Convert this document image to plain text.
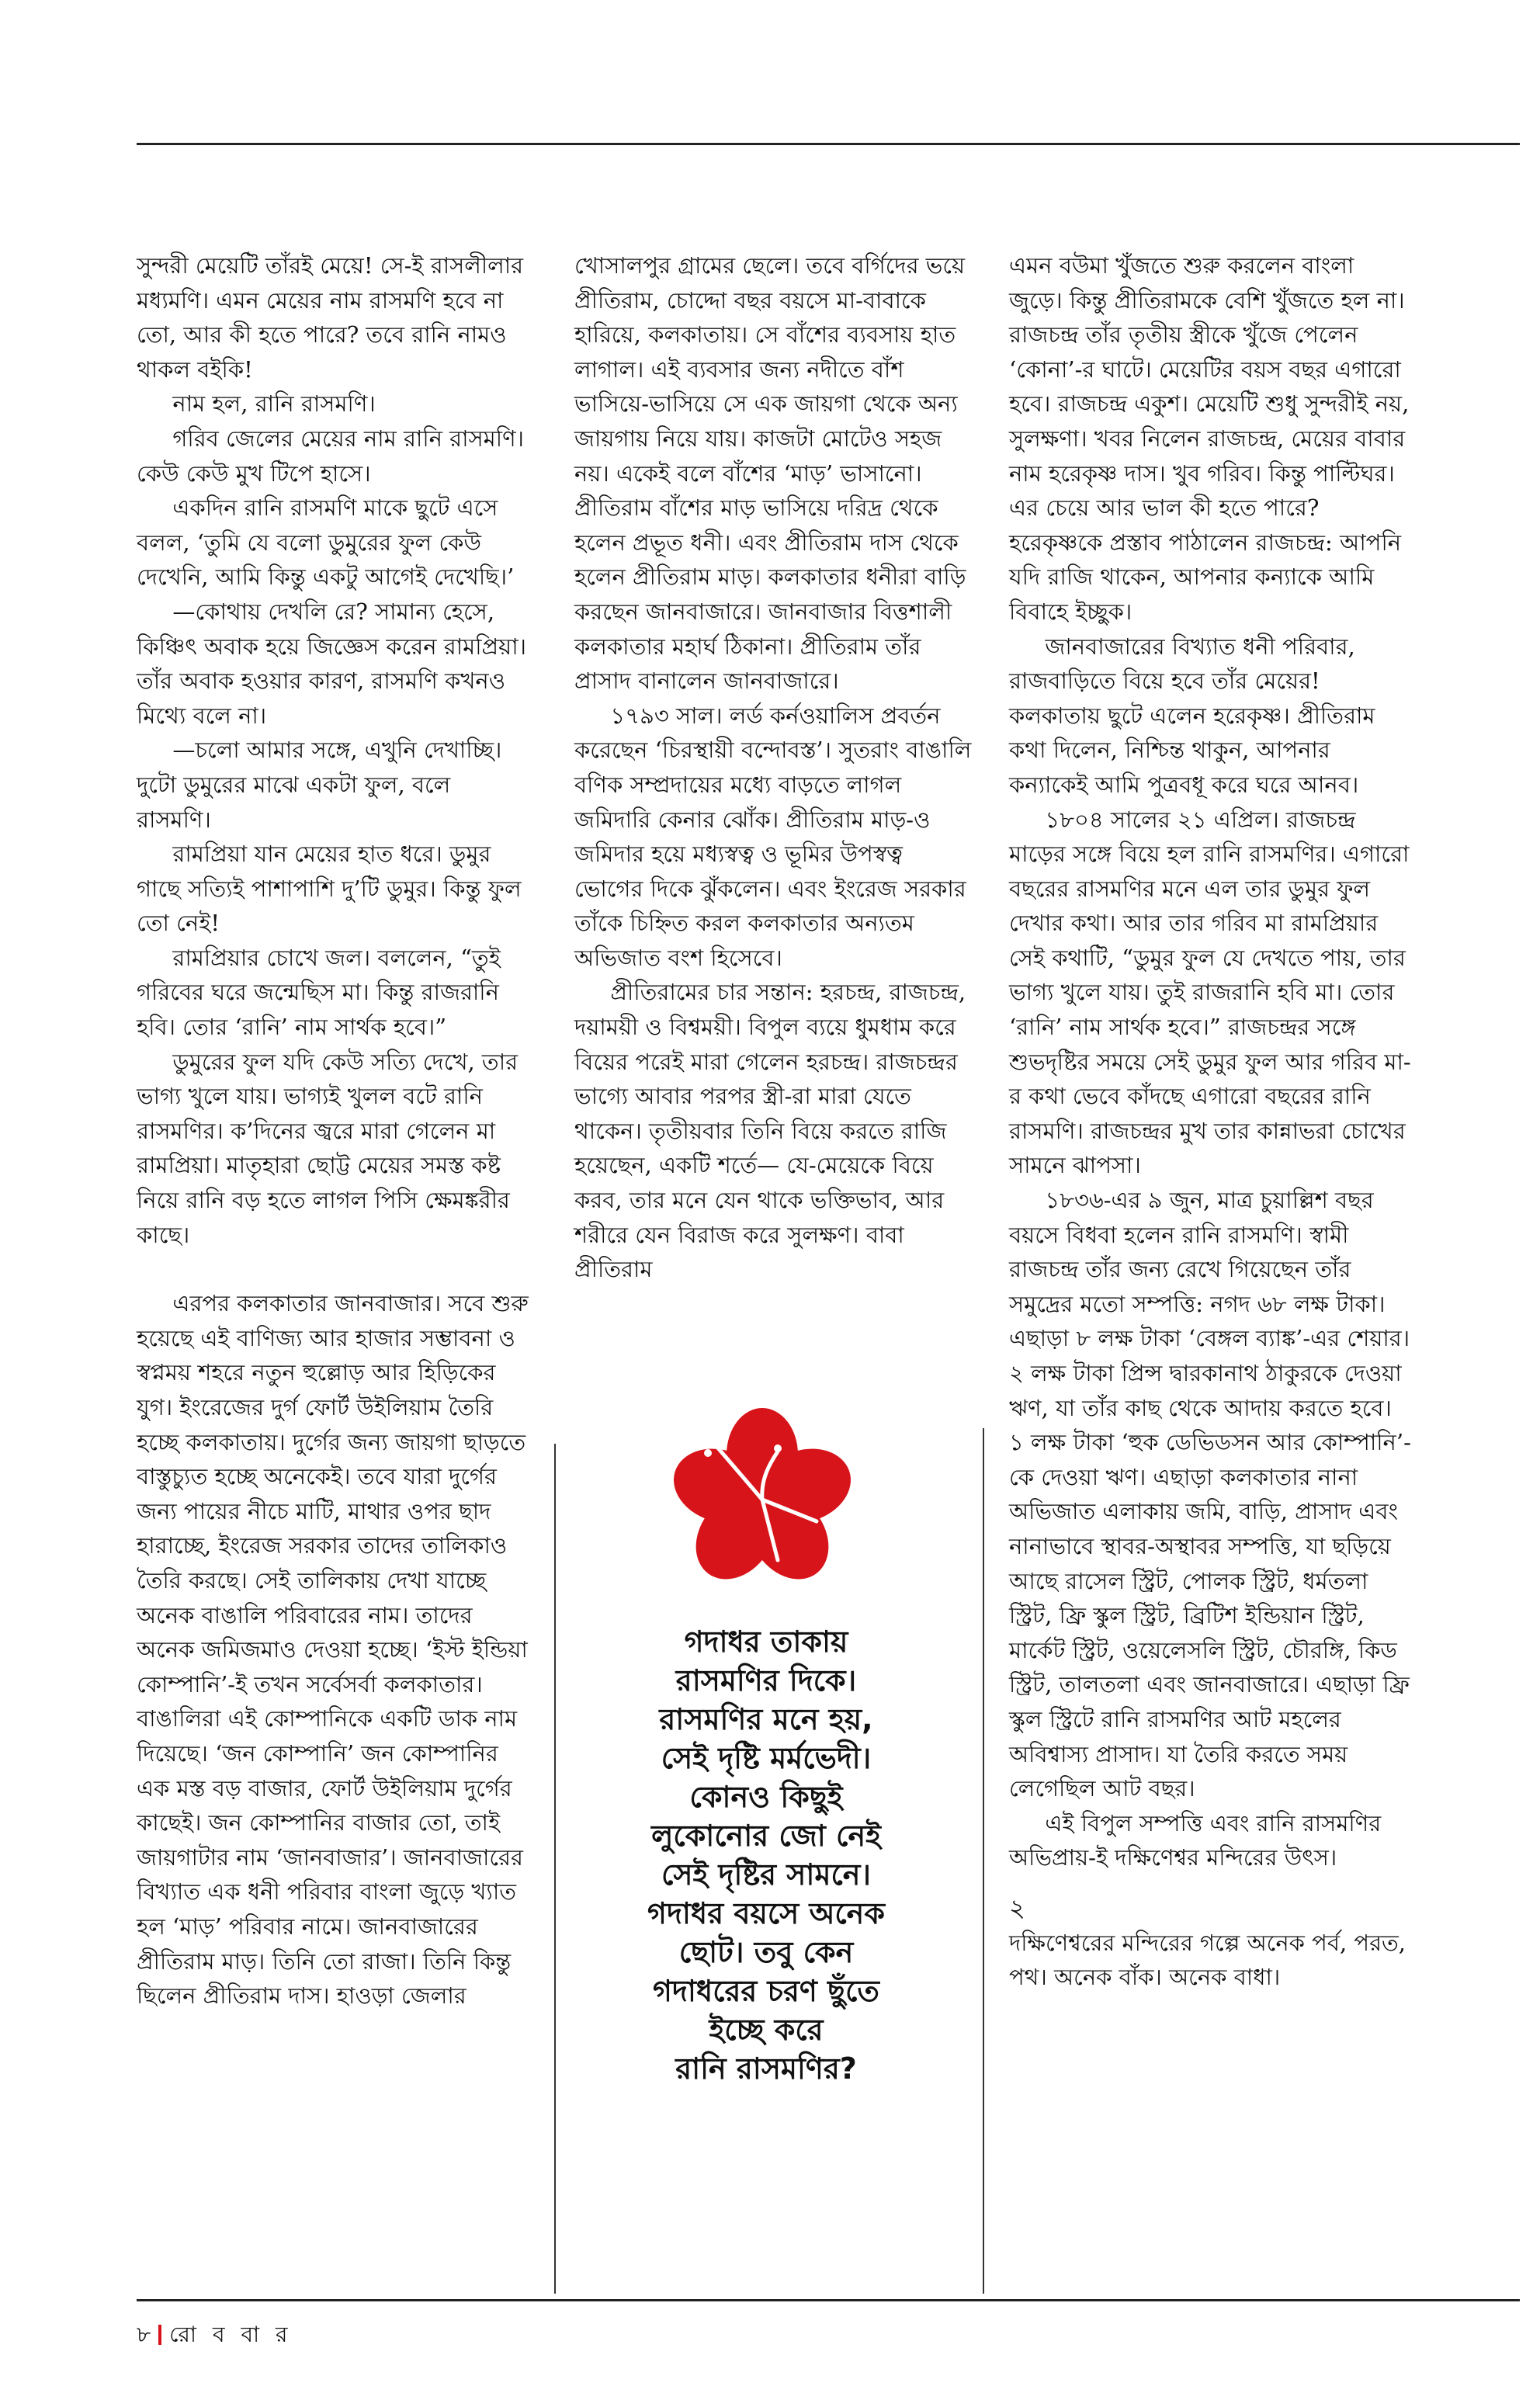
সুন্দরী মেয়েটি তাঁরই মেয়ে! সে-ই রাসলীলার মধ্যমণি। এমন মেয়ের নাম রাসমণি হবে না তো, আর কী হতে পারে? তবে রানি নামও থাকল বইকি!

নাম হল, রানি রাসমণি।

গরিব জেলের মেয়ের নাম রানি রাসমণি। কেউ কেউ মুখ টিপে হাসে।

একদিন রানি রাসমণি মাকে ছুটে এসে বলল, ‘তুমি যে বলো ডুমুরের ফুল কেউ দেখেনি, আমি কিন্তু একটু আগেই দেখেছি।’

—কোথায় দেখলি রে? সামান্য হেসে, কিঞ্চিৎ অবাক হয়ে জিজ্ঞেস করেন রামপ্রিয়া। তাঁর অবাক হওয়ার কারণ, রাসমণি কখনও মিথ্যে বলে না।

—চলো আমার সঙ্গে, এখুনি দেখাচ্ছি। দুটো ডুমুরের মাঝে একটা ফুল, বলে রাসমণি।

রামপ্রিয়া যান মেয়ের হাত ধরে। ডুমুর গাছে সত্যিই পাশাপাশি দু’টি ডুমুর। কিন্তু ফুল তো নেই!

রামপ্রিয়ার চোখে জল। বললেন, “তুই গরিবের ঘরে জন্মেছিস মা। কিন্তু রাজরানি হবি। তোর ‘রানি’ নাম সার্থক হবে।”

ডুমুরের ফুল যদি কেউ সত্যি দেখে, তার ভাগ্য খুলে যায়। ভাগ্যই খুলল বটে রানি রাসমণির। ক’দিনের জ্বরে মারা গেলেন মা রামপ্রিয়া। মাতৃহারা ছোট্ট মেয়ের সমস্ত কষ্ট নিয়ে রানি বড় হতে লাগল পিসি ক্ষেমঙ্করীর কাছে।

এরপর কলকাতার জানবাজার। সবে শুরু হয়েছে এই বাণিজ্য আর হাজার সম্ভাবনা ও স্বপ্নময় শহরে নতুন হুল্লোড় আর হিড়িকের যুগ। ইংরেজের দুর্গ ফোর্ট উইলিয়াম তৈরি হচ্ছে কলকাতায়। দুর্গের জন্য জায়গা ছাড়তে বাস্তুচ্যুত হচ্ছে অনেকেই। তবে যারা দুর্গের জন্য পায়ের নীচে মাটি, মাথার ওপর ছাদ হারাচ্ছে, ইংরেজ সরকার তাদের তালিকাও তৈরি করছে। সেই তালিকায় দেখা যাচ্ছে অনেক বাঙালি পরিবারের নাম। তাদের অনেক জমিজমাও দেওয়া হচ্ছে। ‘ইস্ট ইন্ডিয়া কোম্পানি’-ই তখন সর্বেসর্বা কলকাতার। বাঙালিরা এই কোম্পানিকে একটি ডাক নাম দিয়েছে। ‘জন কোম্পানি’ জন কোম্পানির এক মস্ত বড় বাজার, ফোর্ট উইলিয়াম দুর্গের কাছেই। জন কোম্পানির বাজার তো, তাই জায়গাটার নাম ‘জানবাজার’। জানবাজারের বিখ্যাত এক ধনী পরিবার বাংলা জুড়ে খ্যাত হল ‘মাড়’ পরিবার নামে। জানবাজারের প্রীতিরাম মাড়। তিনি তো রাজা। তিনি কিন্তু ছিলেন প্রীতিরাম দাস। হাওড়া জেলার

খোসালপুর গ্রামের ছেলে। তবে বর্গিদের ভয়ে প্রীতিরাম, চোদ্দো বছর বয়সে মা-বাবাকে হারিয়ে, কলকাতায়। সে বাঁশের ব্যবসায় হাত লাগাল। এই ব্যবসার জন্য নদীতে বাঁশ ভাসিয়ে-ভাসিয়ে সে এক জায়গা থেকে অন্য জায়গায় নিয়ে যায়। কাজটা মোটেও সহজ নয়। একেই বলে বাঁশের ‘মাড়’ ভাসানো। প্রীতিরাম বাঁশের মাড় ভাসিয়ে দরিদ্র থেকে হলেন প্রভূত ধনী। এবং প্রীতিরাম দাস থেকে হলেন প্রীতিরাম মাড়। কলকাতার ধনীরা বাড়ি করছেন জানবাজারে। জানবাজার বিত্তশালী কলকাতার মহার্ঘ ঠিকানা। প্রীতিরাম তাঁর প্রাসাদ বানালেন জানবাজারে।

১৭৯৩ সাল। লর্ড কর্নওয়ালিস প্রবর্তন করেছেন ‘চিরস্থায়ী বন্দোবস্ত’। সুতরাং বাঙালি বণিক সম্প্রদায়ের মধ্যে বাড়তে লাগল জমিদারি কেনার ঝোঁক। প্রীতিরাম মাড়-ও জমিদার হয়ে মধ্যস্বত্ব ও ভূমির উপস্বত্ব ভোগের দিকে ঝুঁকলেন। এবং ইংরেজ সরকার তাঁকে চিহ্নিত করল কলকাতার অন্যতম অভিজাত বংশ হিসেবে।

প্রীতিরামের চার সন্তান: হরচন্দ্র, রাজচন্দ্র, দয়াময়ী ও বিশ্বময়ী। বিপুল ব্যয়ে ধুমধাম করে বিয়ের পরেই মারা গেলেন হরচন্দ্র। রাজচন্দ্রর ভাগ্যে আবার পরপর স্ত্রী-রা মারা যেতে থাকেন। তৃতীয়বার তিনি বিয়ে করতে রাজি হয়েছেন, একটি শর্তে— যে-মেয়েকে বিয়ে করব, তার মনে যেন থাকে ভক্তিভাব, আর শরীরে যেন বিরাজ করে সুলক্ষণ। বাবা প্রীতিরাম

গদাধর তাকায়

রাসমণির দিকে।

রাসমণির মনে হয়,

সেই দৃষ্টি মর্মভেদী।

কোনও কিছুই

লুকোনোর জো নেই

সেই দৃষ্টির সামনে।

গদাধর বয়সে অনেক

ছোট। তবু কেন

গদাধরের চরণ ছুঁতে

ইচ্ছে করে

রানি রাসমণির?

এমন বউমা খুঁজতে শুরু করলেন বাংলা জুড়ে। কিন্তু প্রীতিরামকে বেশি খুঁজতে হল না। রাজচন্দ্র তাঁর তৃতীয় স্ত্রীকে খুঁজে পেলেন ‘কোনা’-র ঘাটে। মেয়েটির বয়স বছর এগারো হবে। রাজচন্দ্র একুশ। মেয়েটি শুধু সুন্দরীই নয়, সুলক্ষণা। খবর নিলেন রাজচন্দ্র, মেয়ের বাবার নাম হরেকৃষ্ণ দাস। খুব গরিব। কিন্তু পাল্টিঘর। এর চেয়ে আর ভাল কী হতে পারে? হরেকৃষ্ণকে প্রস্তাব পাঠালেন রাজচন্দ্র: আপনি যদি রাজি থাকেন, আপনার কন্যাকে আমি বিবাহে ইচ্ছুক।

জানবাজারের বিখ্যাত ধনী পরিবার, রাজবাড়িতে বিয়ে হবে তাঁর মেয়ের! কলকাতায় ছুটে এলেন হরেকৃষ্ণ। প্রীতিরাম কথা দিলেন, নিশ্চিন্ত থাকুন, আপনার কন্যাকেই আমি পুত্রবধূ করে ঘরে আনব।

১৮০৪ সালের ২১ এপ্রিল। রাজচন্দ্র মাড়ের সঙ্গে বিয়ে হল রানি রাসমণির। এগারো বছরের রাসমণির মনে এল তার ডুমুর ফুল দেখার কথা। আর তার গরিব মা রামপ্রিয়ার সেই কথাটি, “ডুমুর ফুল যে দেখতে পায়, তার ভাগ্য খুলে যায়। তুই রাজরানি হবি মা। তোর ‘রানি’ নাম সার্থক হবে।” রাজচন্দ্রর সঙ্গে শুভদৃষ্টির সময়ে সেই ডুমুর ফুল আর গরিব মা-র কথা ভেবে কাঁদছে এগারো বছরের রানি রাসমণি। রাজচন্দ্রর মুখ তার কান্নাভরা চোখের সামনে ঝাপসা।

১৮৩৬-এর ৯ জুন, মাত্র চুয়াল্লিশ বছর বয়সে বিধবা হলেন রানি রাসমণি। স্বামী রাজচন্দ্র তাঁর জন্য রেখে গিয়েছেন তাঁর সমুদ্রের মতো সম্পত্তি: নগদ ৬৮ লক্ষ টাকা। এছাড়া ৮ লক্ষ টাকা ‘বেঙ্গল ব্যাঙ্ক’-এর শেয়ার। ২ লক্ষ টাকা প্রিন্স দ্বারকানাথ ঠাকুরকে দেওয়া ঋণ, যা তাঁর কাছ থেকে আদায় করতে হবে। ১ লক্ষ টাকা ‘হুক ডেভিডসন আর কোম্পানি’-কে দেওয়া ঋণ। এছাড়া কলকাতার নানা অভিজাত এলাকায় জমি, বাড়ি, প্রাসাদ এবং নানাভাবে স্থাবর-অস্থাবর সম্পত্তি, যা ছড়িয়ে আছে রাসেল স্ট্রিট, পোলক স্ট্রিট, ধর্মতলা স্ট্রিট, ফ্রি স্কুল স্ট্রিট, ব্রিটিশ ইন্ডিয়ান স্ট্রিট, মার্কেট স্ট্রিট, ওয়েলেসলি স্ট্রিট, চৌরঙ্গি, কিড স্ট্রিট, তালতলা এবং জানবাজারে। এছাড়া ফ্রি স্কুল স্ট্রিটে রানি রাসমণির আট মহলের অবিশ্বাস্য প্রাসাদ। যা তৈরি করতে সময় লেগেছিল আট বছর।

এই বিপুল সম্পত্তি এবং রানি রাসমণির অভিপ্রায়-ই দক্ষিণেশ্বর মন্দিরের উৎস।

২

দক্ষিণেশ্বরের মন্দিরের গল্পে অনেক পর্ব, পরত, পথ। অনেক বাঁক। অনেক বাধা।

৮ রো ব বা র
